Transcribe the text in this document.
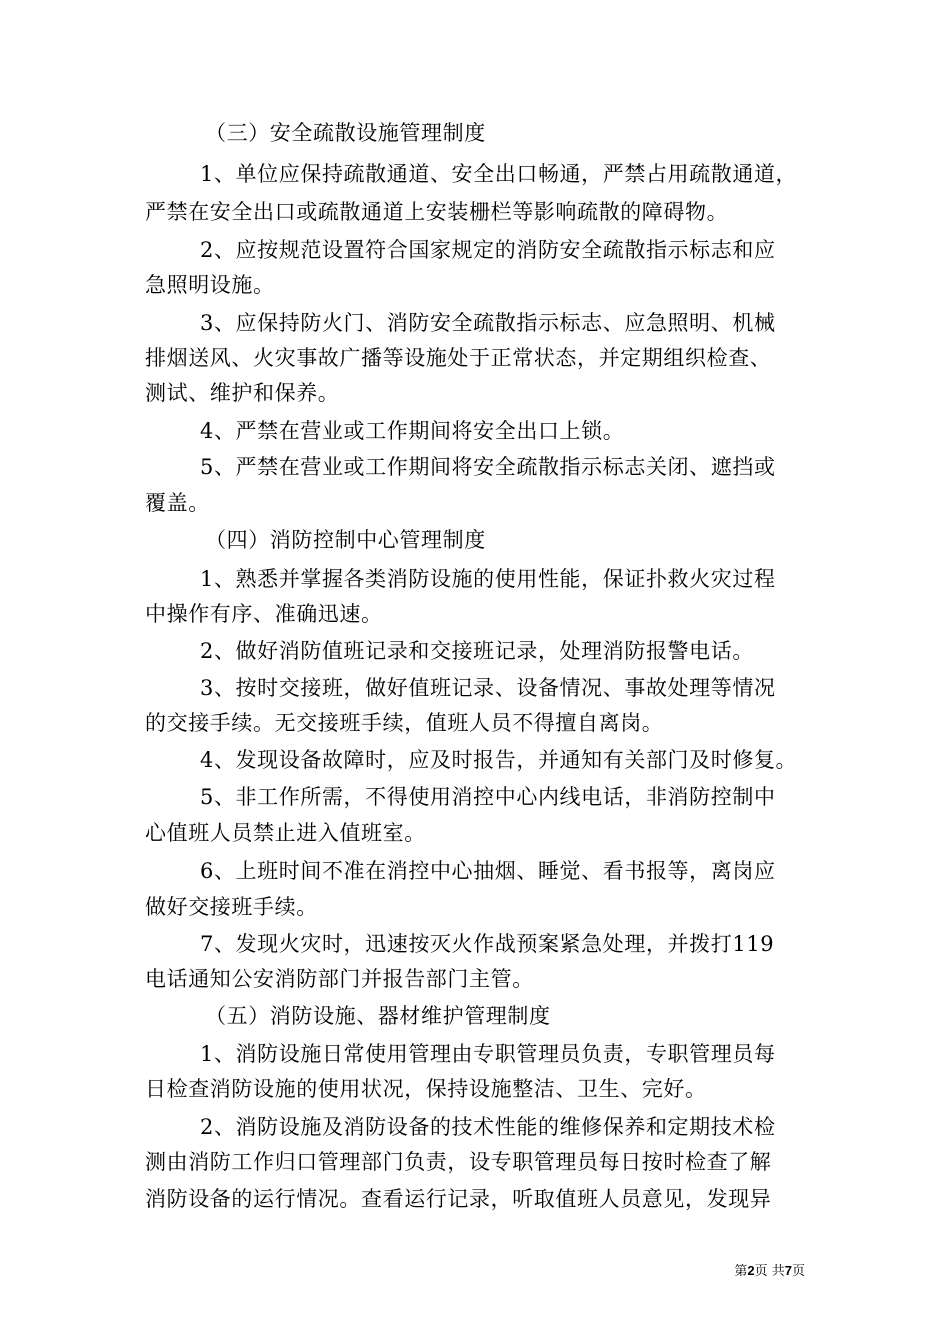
（三）安全疏散设施管理制度
1、单位应保持疏散通道、安全出口畅通，严禁占用疏散通道，
严禁在安全出口或疏散通道上安装栅栏等影响疏散的障碍物。
2、应按规范设置符合国家规定的消防安全疏散指示标志和应
急照明设施。
3、应保持防火门、消防安全疏散指示标志、应急照明、机械
排烟送风、火灾事故广播等设施处于正常状态，并定期组织检查、
测试、维护和保养。
4、严禁在营业或工作期间将安全出口上锁。
5、严禁在营业或工作期间将安全疏散指示标志关闭、遮挡或
覆盖。
（四）消防控制中心管理制度
1、熟悉并掌握各类消防设施的使用性能，保证扑救火灾过程
中操作有序、准确迅速。
2、做好消防值班记录和交接班记录，处理消防报警电话。
3、按时交接班，做好值班记录、设备情况、事故处理等情况
的交接手续。无交接班手续，值班人员不得擅自离岗。
4、发现设备故障时，应及时报告，并通知有关部门及时修复。
5、非工作所需，不得使用消控中心内线电话，非消防控制中
心值班人员禁止进入值班室。
6、上班时间不准在消控中心抽烟、睡觉、看书报等，离岗应
做好交接班手续。
7、发现火灾时，迅速按灭火作战预案紧急处理，并拨打119
电话通知公安消防部门并报告部门主管。
（五）消防设施、器材维护管理制度
1、消防设施日常使用管理由专职管理员负责，专职管理员每
日检查消防设施的使用状况，保持设施整洁、卫生、完好。
2、消防设施及消防设备的技术性能的维修保养和定期技术检
测由消防工作归口管理部门负责，设专职管理员每日按时检查了解
消防设备的运行情况。查看运行记录，听取值班人员意见，发现异
第2页 共7页
